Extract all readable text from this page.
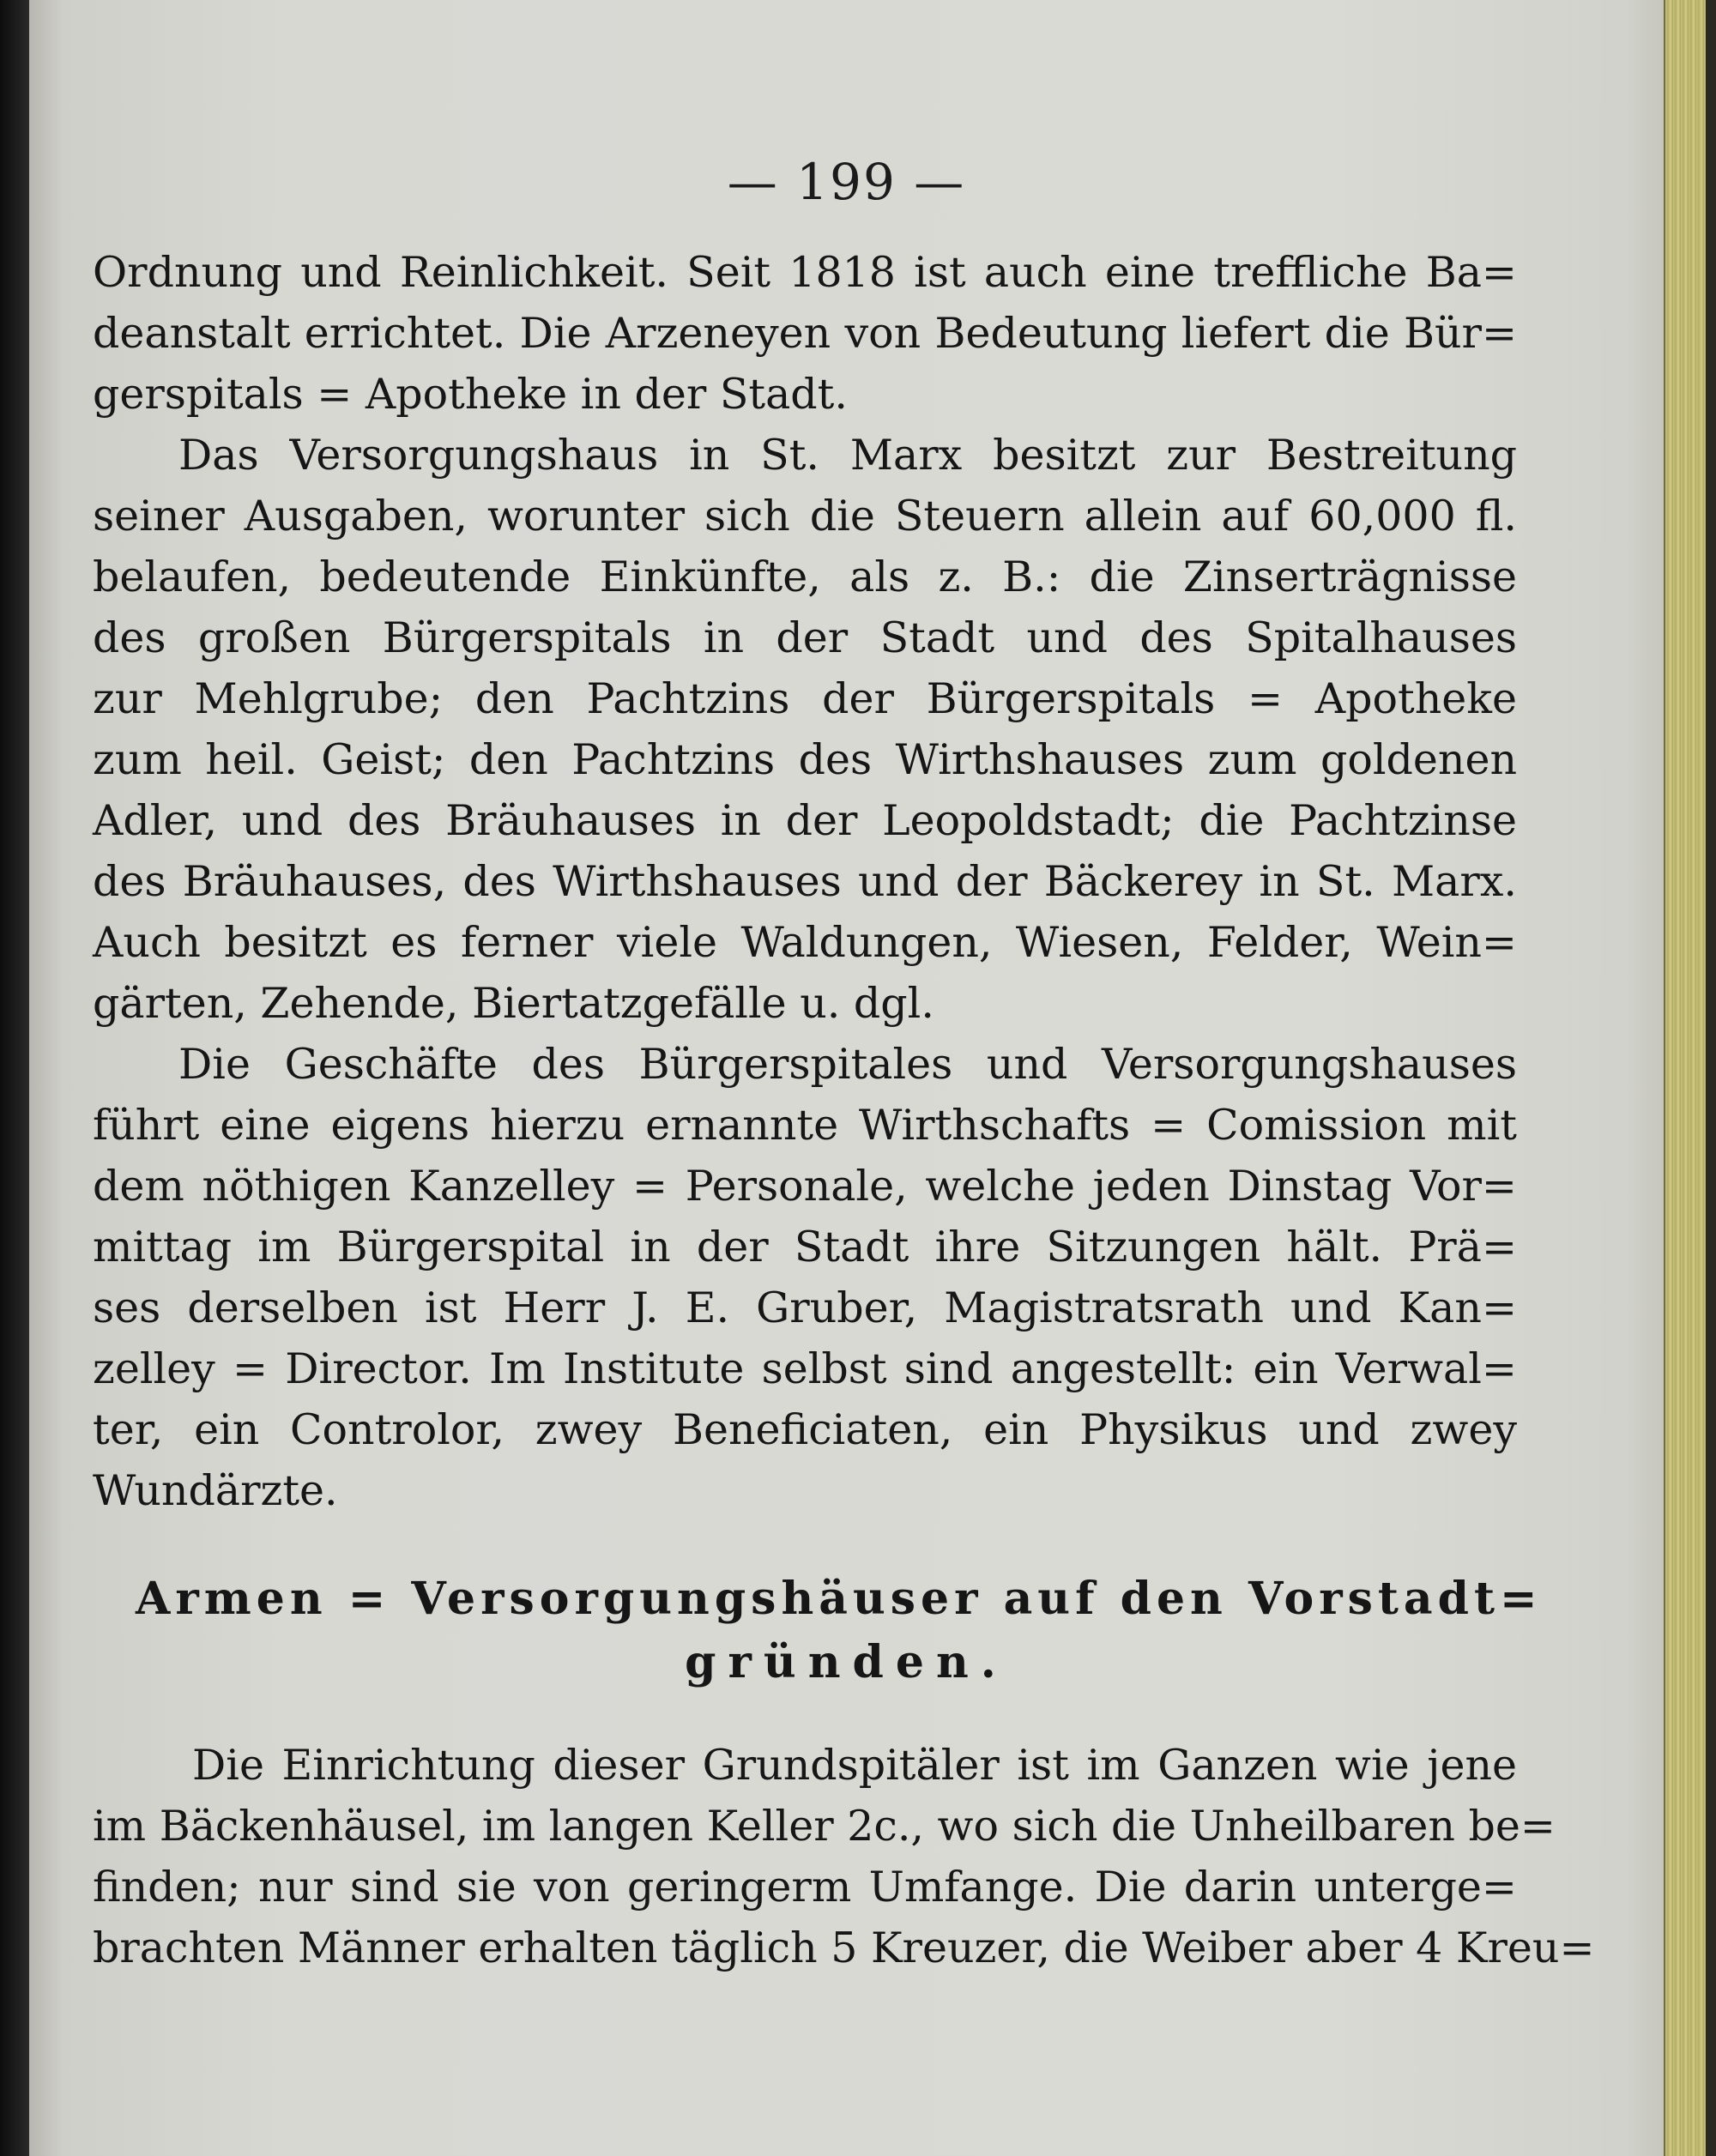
— 199 —
Ordnung und Reinlichkeit. Seit 1818 ist auch eine treffliche Ba=
deanstalt errichtet. Die Arzeneyen von Bedeutung liefert die Bür=
gerspitals = Apotheke in der Stadt.
Das Versorgungshaus in St. Marx besitzt zur Bestreitung
seiner Ausgaben, worunter sich die Steuern allein auf 60,000 fl.
belaufen, bedeutende Einkünfte, als z. B.: die Zinserträgnisse
des großen Bürgerspitals in der Stadt und des Spitalhauses
zur Mehlgrube; den Pachtzins der Bürgerspitals = Apotheke
zum heil. Geist; den Pachtzins des Wirthshauses zum goldenen
Adler, und des Bräuhauses in der Leopoldstadt; die Pachtzinse
des Bräuhauses, des Wirthshauses und der Bäckerey in St. Marx.
Auch besitzt es ferner viele Waldungen, Wiesen, Felder, Wein=
gärten, Zehende, Biertatzgefälle u. dgl.
Die Geschäfte des Bürgerspitales und Versorgungshauses
führt eine eigens hierzu ernannte Wirthschafts = Comission mit
dem nöthigen Kanzelley = Personale, welche jeden Dinstag Vor=
mittag im Bürgerspital in der Stadt ihre Sitzungen hält. Prä=
ses derselben ist Herr J. E. Gruber, Magistratsrath und Kan=
zelley = Director. Im Institute selbst sind angestellt: ein Verwal=
ter, ein Controlor, zwey Beneficiaten, ein Physikus und zwey
Wundärzte.
Armen = Versorgungshäuser auf den Vorstadt=
gründen.
Die Einrichtung dieser Grundspitäler ist im Ganzen wie jene
im Bäckenhäusel, im langen Keller 2c., wo sich die Unheilbaren be=
finden; nur sind sie von geringerm Umfange. Die darin unterge=
brachten Männer erhalten täglich 5 Kreuzer, die Weiber aber 4 Kreu=
